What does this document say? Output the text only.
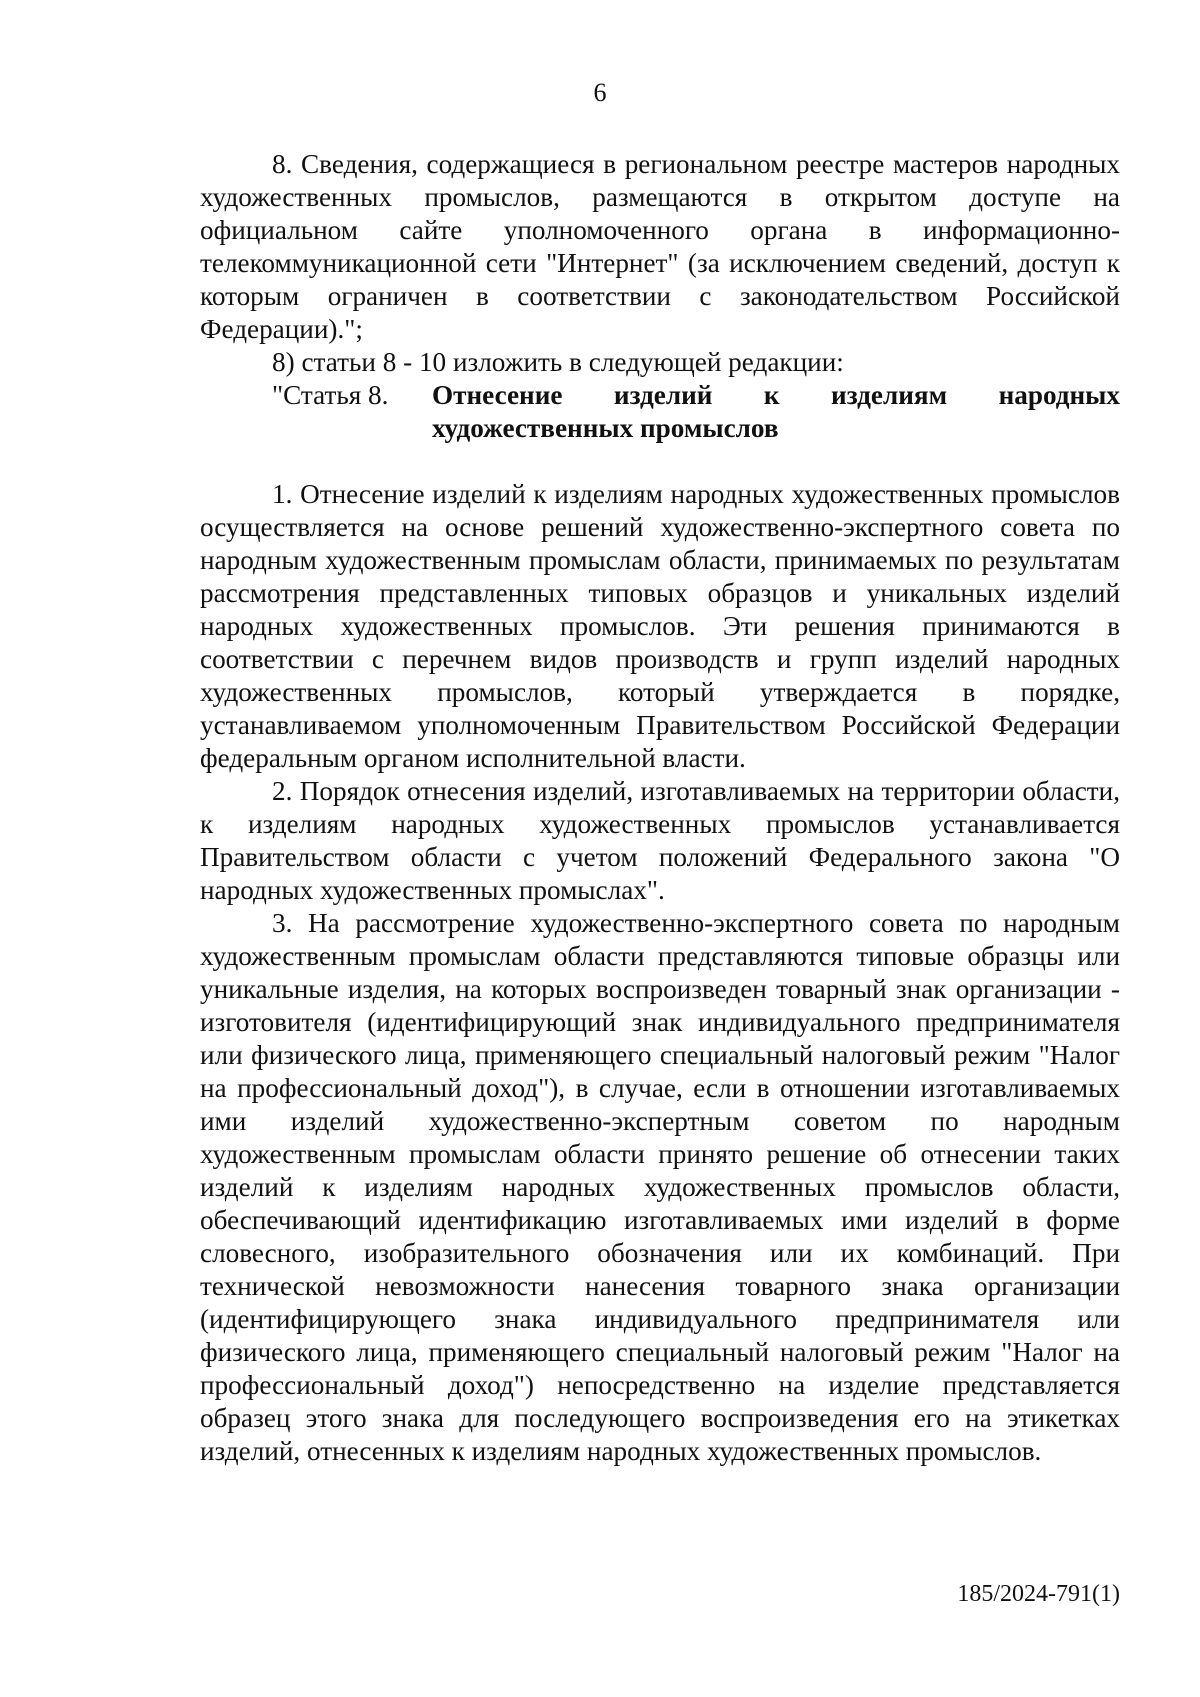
6

8. Сведения, содержащиеся в региональном реестре мастеров народных художественных промыслов, размещаются в открытом доступе на официальном сайте уполномоченного органа в информационно-телекоммуникационной сети "Интернет" (за исключением сведений, доступ к которым ограничен в соответствии с законодательством Российской Федерации).";

8) статьи 8 - 10 изложить в следующей редакции:

"Статья 8.	Отнесение изделий к изделиям народных художественных промыслов

1. Отнесение изделий к изделиям народных художественных промыслов осуществляется на основе решений художественно-экспертного совета по народным художественным промыслам области, принимаемых по результатам рассмотрения представленных типовых образцов и уникальных изделий народных художественных промыслов. Эти решения принимаются в соответствии с перечнем видов производств и групп изделий народных художественных промыслов, который утверждается в порядке, устанавливаемом уполномоченным Правительством Российской Федерации федеральным органом исполнительной власти.

2. Порядок отнесения изделий, изготавливаемых на территории области, к изделиям народных художественных промыслов устанавливается Правительством области с учетом положений Федерального закона "О народных художественных промыслах".

3. На рассмотрение художественно-экспертного совета по народным художественным промыслам области представляются типовые образцы или уникальные изделия, на которых воспроизведен товарный знак организации - изготовителя (идентифицирующий знак индивидуального предпринимателя или физического лица, применяющего специальный налоговый режим "Налог на профессиональный доход"), в случае, если в отношении изготавливаемых ими изделий художественно-экспертным советом по народным художественным промыслам области принято решение об отнесении таких изделий к изделиям народных художественных промыслов области, обеспечивающий идентификацию изготавливаемых ими изделий в форме словесного, изобразительного обозначения или их комбинаций. При технической невозможности нанесения товарного знака организации (идентифицирующего знака индивидуального предпринимателя или физического лица, применяющего специальный налоговый режим "Налог на профессиональный доход") непосредственно на изделие представляется образец этого знака для последующего воспроизведения его на этикетках изделий, отнесенных к изделиям народных художественных промыслов.

185/2024-791(1)
